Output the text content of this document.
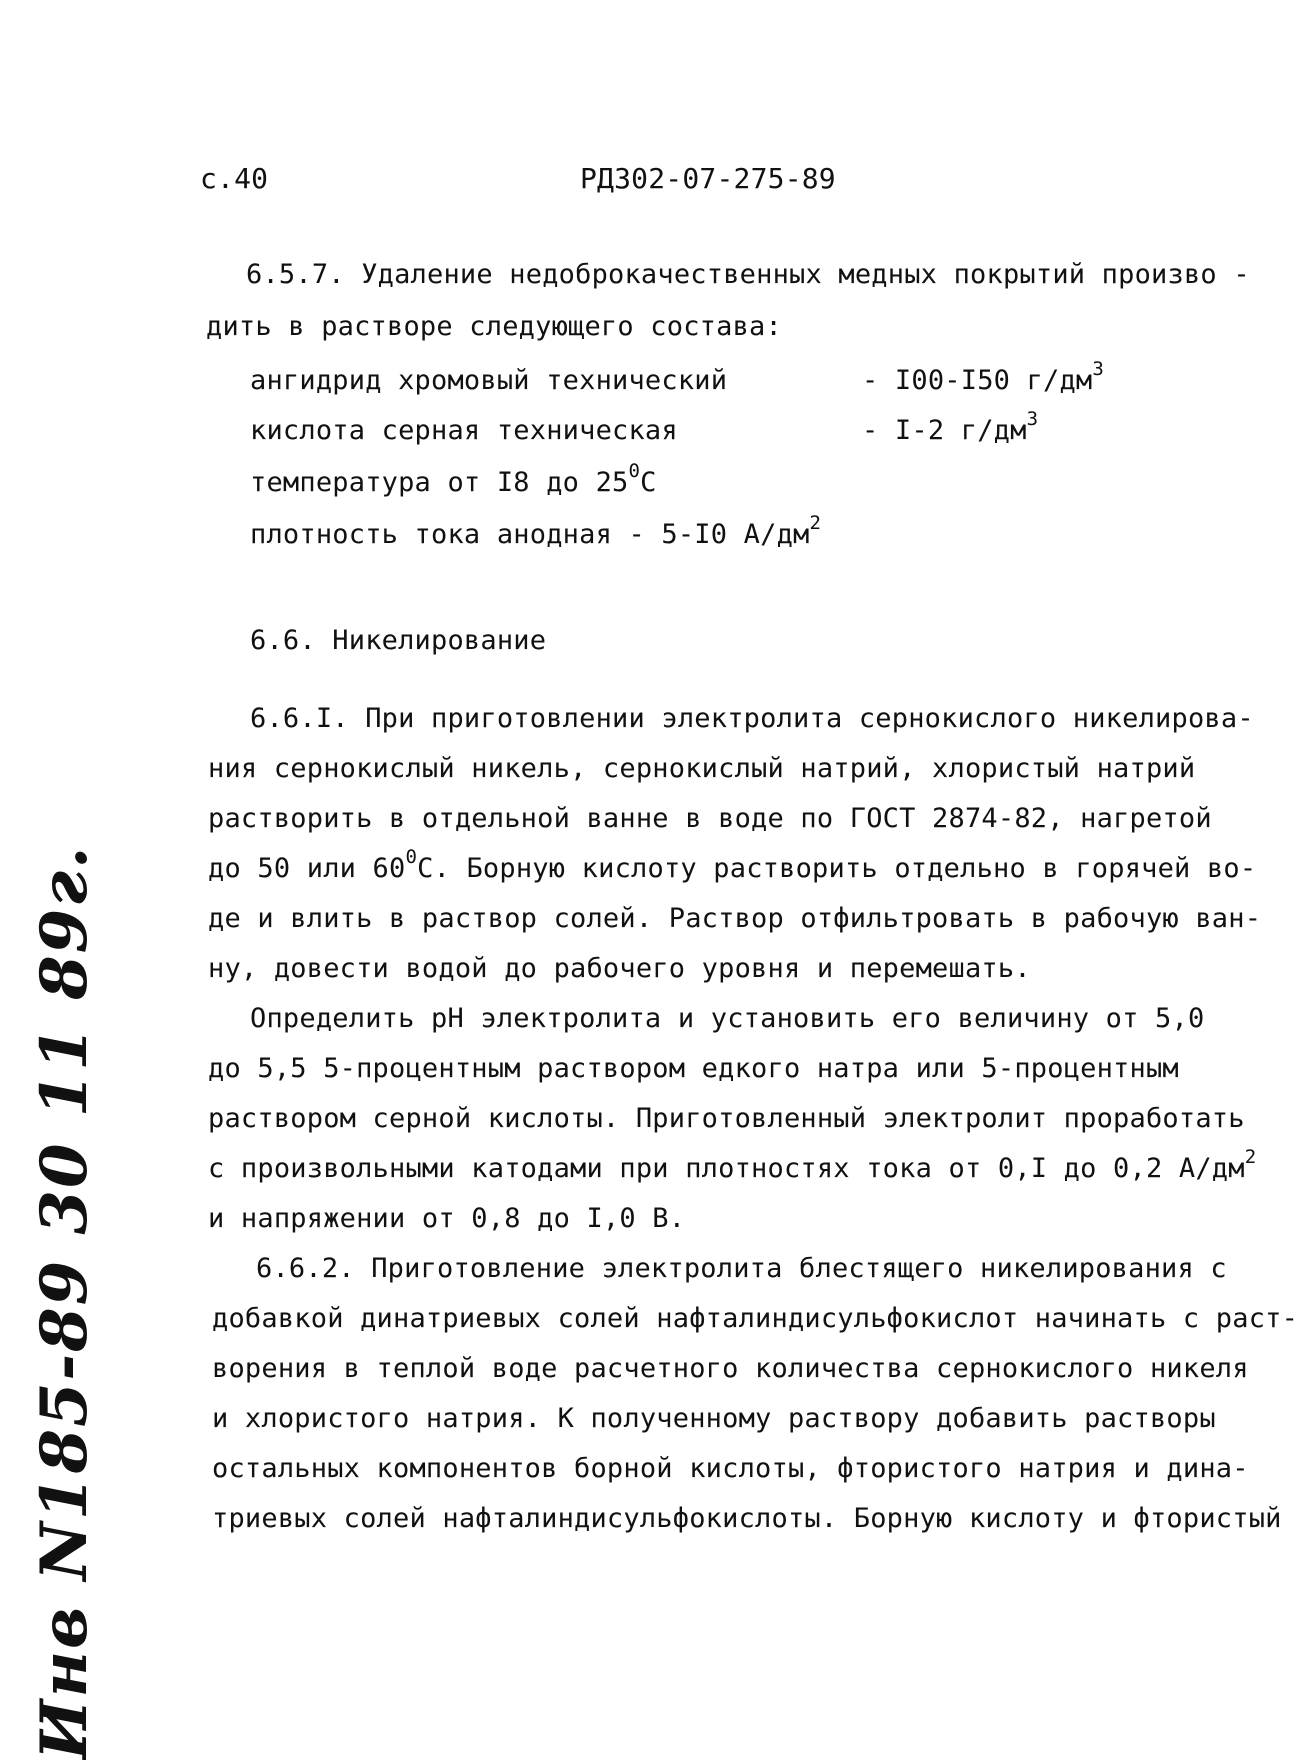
с.40	РД302-07-275-89
6.5.7. Удаление недоброкачественных медных покрытий произво -
дить в растворе следующего состава:
ангидрид хромовый технический	- I00-I50 $г/дм^3$
кислота серная техническая	- I-2 $г/дм^3$
температура от I8 до $25^0С$
плотность тока анодная - 5-I0 $А/дм^2$
6.6. Никелирование
6.6.I. При приготовлении электролита сернокислого никелирова-
ния сернокислый никель, сернокислый натрий, хлористый натрий
растворить в отдельной ванне в воде по ГОСТ 2874-82, нагретой
до 50 или $60^0С$. Борную кислоту растворить отдельно в горячей во-
де и влить в раствор солей. Раствор отфильтровать в рабочую ван-
ну, довести водой до рабочего уровня и перемешать.
Определить рН электролита и установить его величину от 5,0
до 5,5 5-процентным раствором едкого натра или 5-процентным
раствором серной кислоты. Приготовленный электролит проработать
с произвольными катодами при плотностях тока от 0,I до 0,2 $А/дм^2$
и напряжении от 0,8 до I,0 В.
6.6.2. Приготовление электролита блестящего никелирования с
добавкой динатриевых солей нафталиндисульфокислот начинать с раст-
ворения в теплой воде расчетного количества сернокислого никеля
и хлористого натрия. К полученному раствору добавить растворы
остальных компонентов борной кислоты, фтористого натрия и дина-
триевых солей нафталиндисульфокислоты. Борную кислоту и фтористый
Инв N185-89 30 11 89г.
